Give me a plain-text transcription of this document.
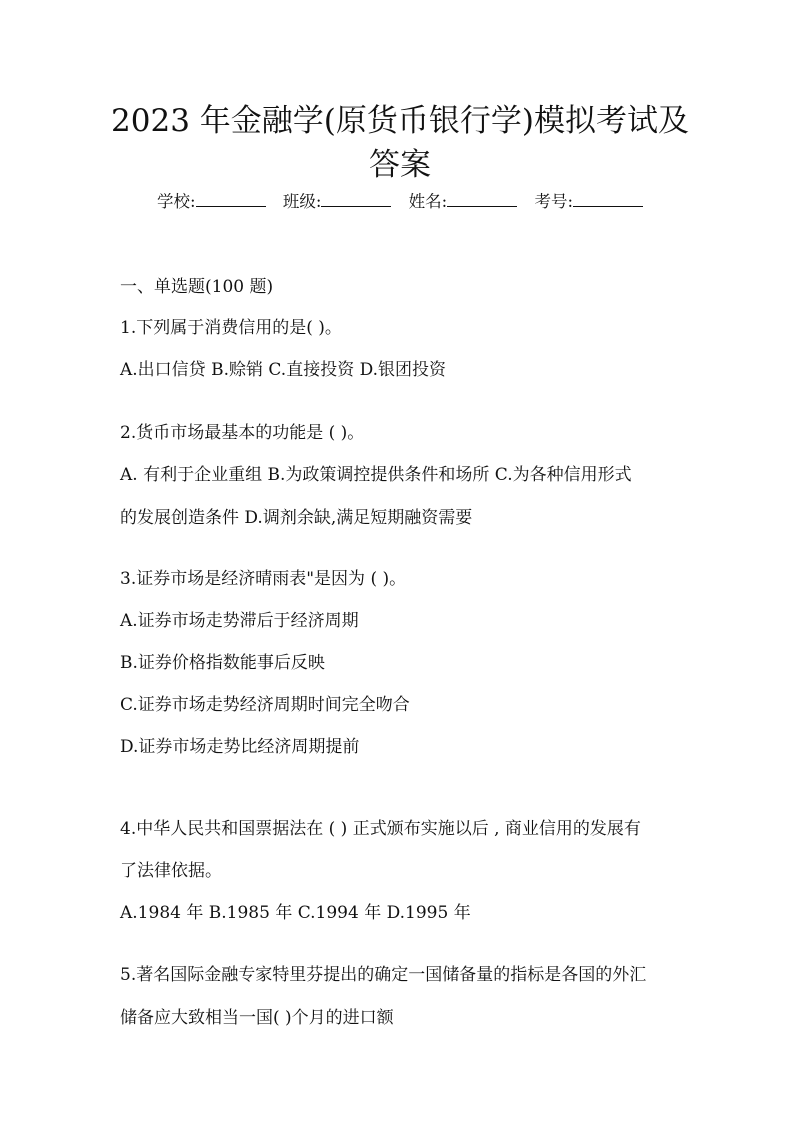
2023 年金融学(原货币银行学)模拟考试及
答案
学校:	班级:	姓名:	考号:
一、单选题(100 题)
1.下列属于消费信用的是( )。
A.出口信贷 B.赊销 C.直接投资 D.银团投资
2.货币市场最基本的功能是 ( )。
A. 有利于企业重组 B.为政策调控提供条件和场所 C.为各种信用形式
的发展创造条件 D.调剂余缺,满足短期融资需要
3.证券市场是经济晴雨表"是因为 ( )。
A.证券市场走势滞后于经济周期
B.证券价格指数能事后反映
C.证券市场走势经济周期时间完全吻合
D.证券市场走势比经济周期提前
4.中华人民共和国票据法在 ( ) 正式颁布实施以后 , 商业信用的发展有
了法律依据。
A.1984 年 B.1985 年 C.1994 年 D.1995 年
5.著名国际金融专家特里芬提出的确定一国储备量的指标是各国的外汇
储备应大致相当一国( )个月的进口额
